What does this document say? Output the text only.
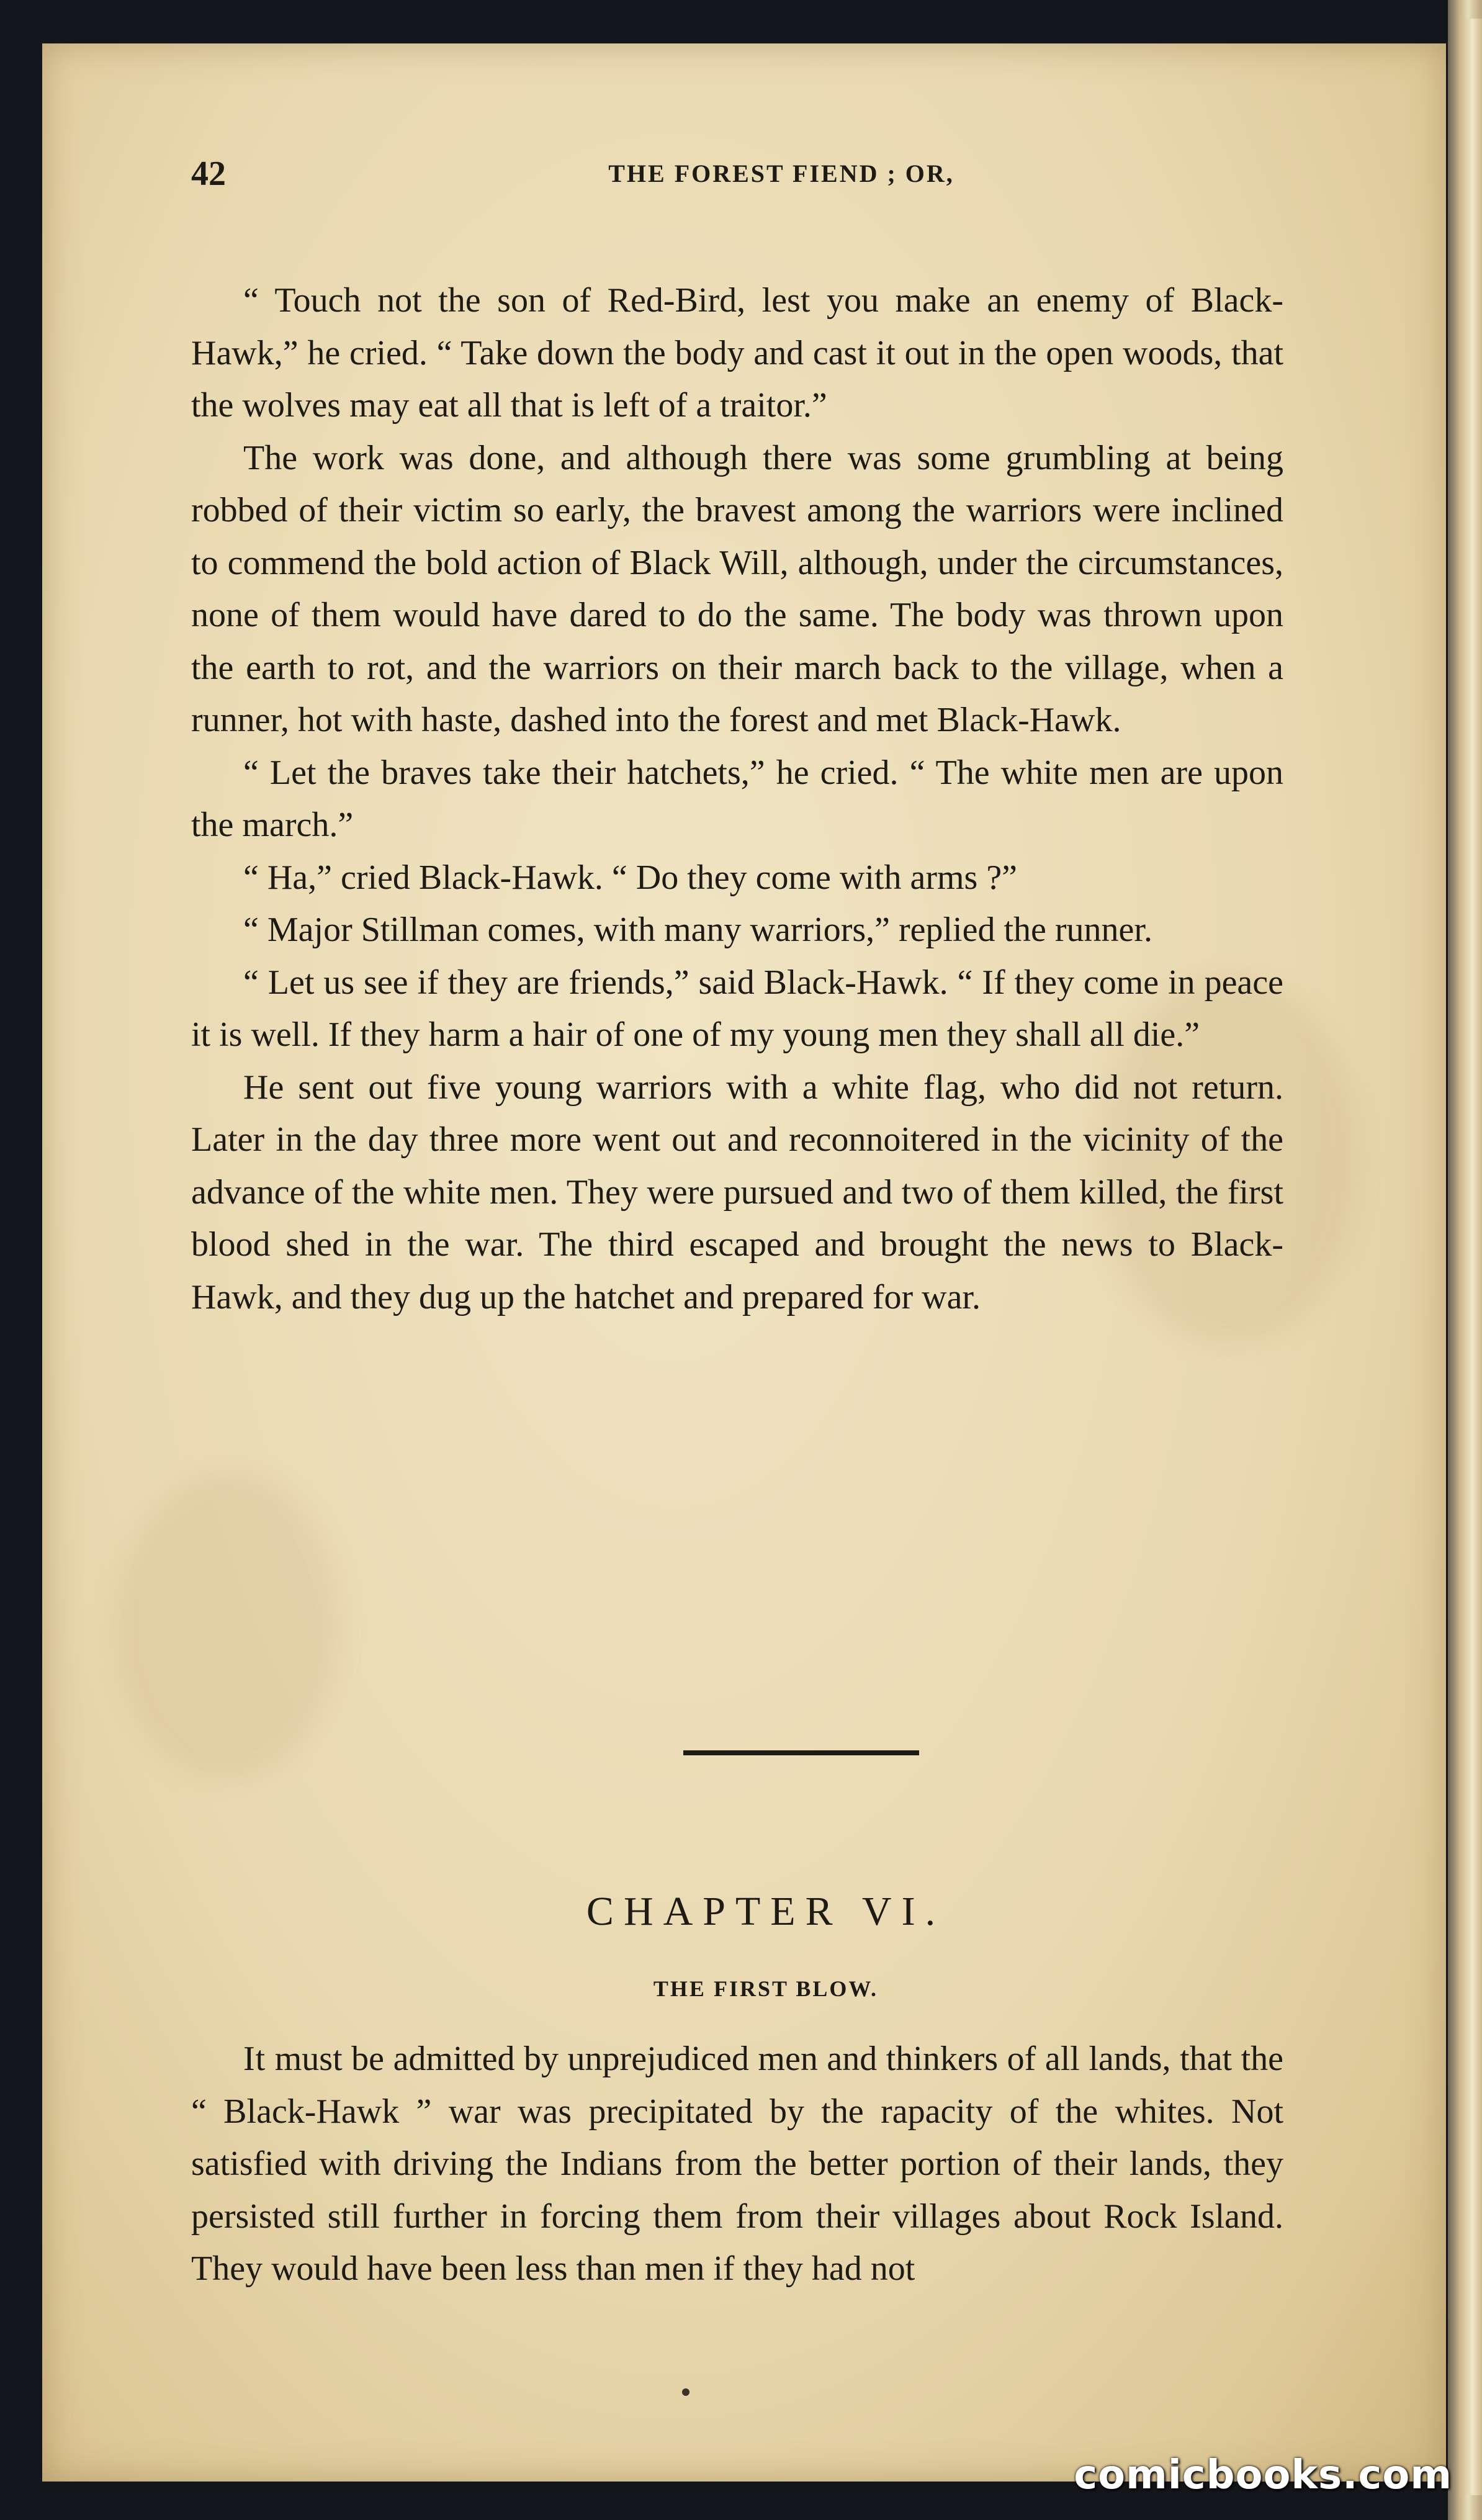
42	THE FOREST FIEND ; OR,

“ Touch not the son of Red-Bird, lest you make an enemy of Black-Hawk,” he cried. “ Take down the body and cast it out in the open woods, that the wolves may eat all that is left of a traitor.”

The work was done, and although there was some grumbling at being robbed of their victim so early, the bravest among the warriors were inclined to commend the bold action of Black Will, although, under the circumstances, none of them would have dared to do the same. The body was thrown upon the earth to rot, and the warriors on their march back to the village, when a runner, hot with haste, dashed into the forest and met Black-Hawk.

“ Let the braves take their hatchets,” he cried. “ The white men are upon the march.”

“ Ha,” cried Black-Hawk. “ Do they come with arms ?”

“ Major Stillman comes, with many warriors,” replied the runner.

“ Let us see if they are friends,” said Black-Hawk. “ If they come in peace it is well. If they harm a hair of one of my young men they shall all die.”

He sent out five young warriors with a white flag, who did not return. Later in the day three more went out and reconnoitered in the vicinity of the advance of the white men. They were pursued and two of them killed, the first blood shed in the war. The third escaped and brought the news to Black-Hawk, and they dug up the hatchet and prepared for war.

CHAPTER VI.
THE FIRST BLOW.

It must be admitted by unprejudiced men and thinkers of all lands, that the “ Black-Hawk ” war was precipitated by the rapacity of the whites. Not satisfied with driving the Indians from the better portion of their lands, they persisted still further in forcing them from their villages about Rock Island. They would have been less than men if they had not

comicbooks.com
